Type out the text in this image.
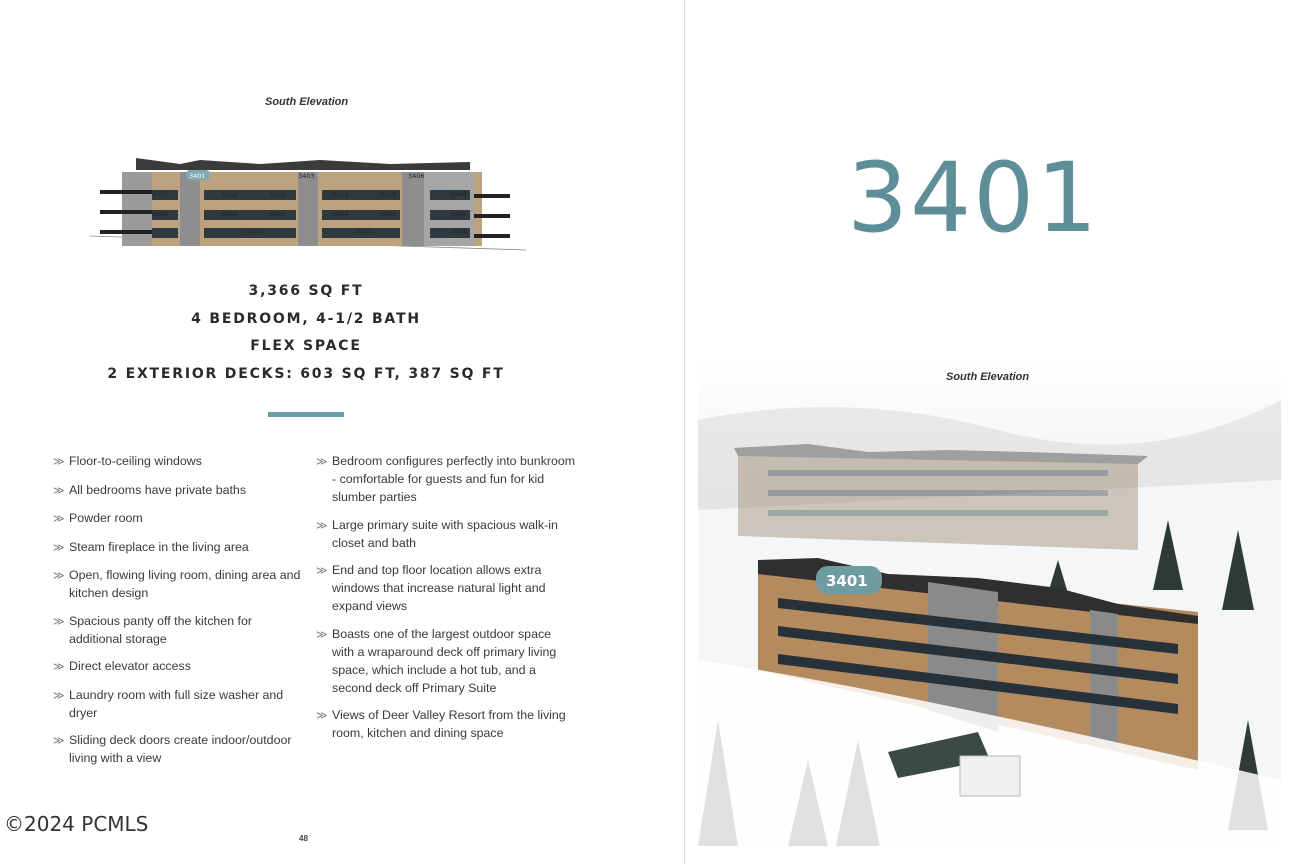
South Elevation
3401	3403	3406
3301	3302	3303	3304	3305	3308
3201	3202	3203	3204	3205	3208
3103	3105	3106
3,366 SQ FT
4 BEDROOM, 4-1/2 BATH
FLEX SPACE
2 EXTERIOR DECKS: 603 SQ FT, 387 SQ FT
≫ Floor-to-ceiling windows
≫ All bedrooms have private baths
≫ Powder room
≫ Steam fireplace in the living area
≫ Open, flowing living room, dining area and kitchen design
≫ Spacious panty off the kitchen for additional storage
≫ Direct elevator access
≫ Laundry room with full size washer and dryer
≫ Sliding deck doors create indoor/outdoor living with a view
≫ Bedroom configures perfectly into bunkroom - comfortable for guests and fun for kid slumber parties
≫ Large primary suite with spacious walk-in closet and bath
≫ End and top floor location allows extra windows that increase natural light and expand views
≫ Boasts one of the largest outdoor space with a wraparound deck off primary living space, which include a hot tub, and a second deck off Primary Suite
≫ Views of Deer Valley Resort from the living room, kitchen and dining space
©2024 PCMLS
48
3401
3401
South Elevation
